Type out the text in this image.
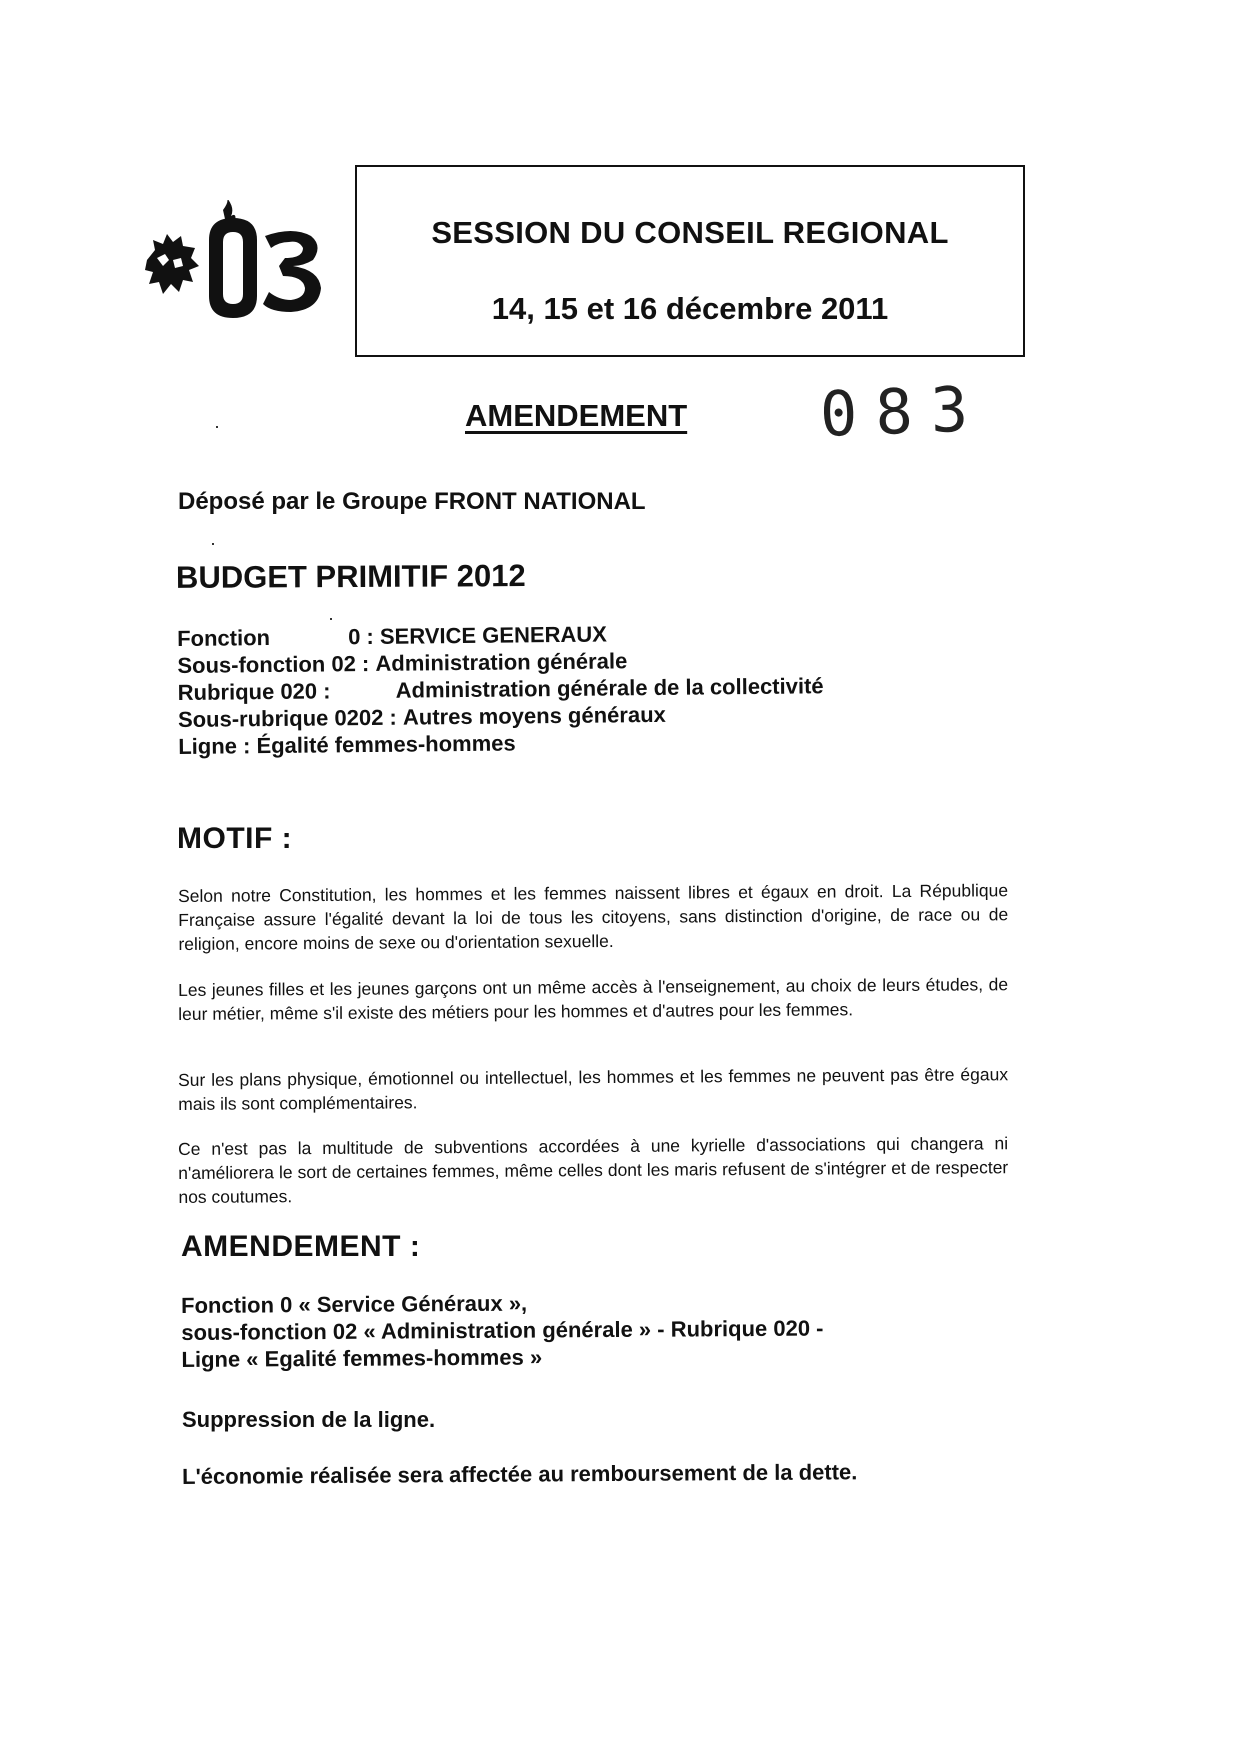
SESSION DU CONSEIL REGIONAL
14, 15 et 16 décembre 2011
AMENDEMENT 083
Déposé par le Groupe FRONT NATIONAL
BUDGET PRIMITIF 2012
Fonction	0 : SERVICE GENERAUX
Sous-fonction 02 : Administration générale
Rubrique 020 :	Administration générale de la collectivité
Sous-rubrique 0202 : Autres moyens généraux
Ligne : Égalité femmes-hommes
MOTIF :
Selon notre Constitution, les hommes et les femmes naissent libres et égaux en droit. La République Française assure l'égalité devant la loi de tous les citoyens, sans distinction d'origine, de race ou de religion, encore moins de sexe ou d'orientation sexuelle.
Les jeunes filles et les jeunes garçons ont un même accès à l'enseignement, au choix de leurs études, de leur métier, même s'il existe des métiers pour les hommes et d'autres pour les femmes.
Sur les plans physique, émotionnel ou intellectuel, les hommes et les femmes ne peuvent pas être égaux mais ils sont complémentaires.
Ce n'est pas la multitude de subventions accordées à une kyrielle d'associations qui changera ni n'améliorera le sort de certaines femmes, même celles dont les maris refusent de s'intégrer et de respecter nos coutumes.
AMENDEMENT :
Fonction 0 « Service Généraux »,
sous-fonction 02 « Administration générale » - Rubrique 020 -
Ligne « Egalité femmes-hommes »
Suppression de la ligne.
L'économie réalisée sera affectée au remboursement de la dette.
